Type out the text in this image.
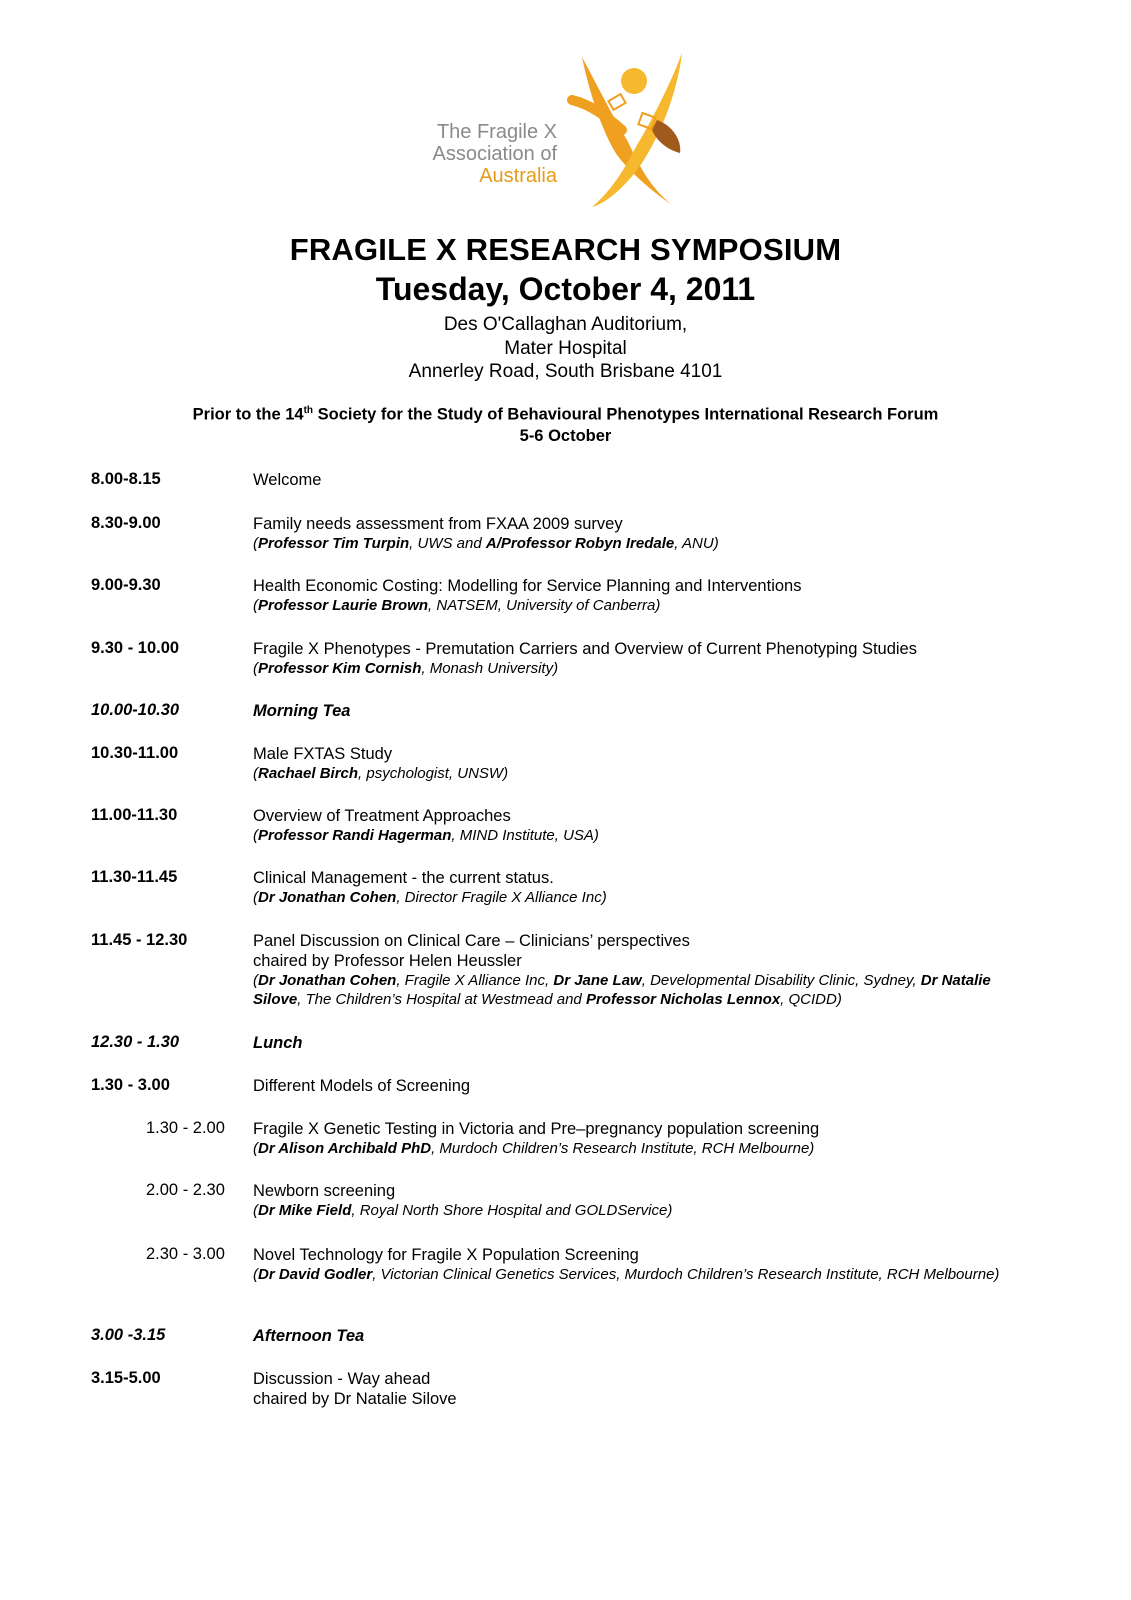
The Fragile X
Association of
Australia
FRAGILE X RESEARCH SYMPOSIUM
Tuesday, October 4, 2011
Des O'Callaghan Auditorium,
Mater Hospital
Annerley Road, South Brisbane 4101
Prior to the 14th Society for the Study of Behavioural Phenotypes International Research Forum
5-6 October
8.00-8.15	Welcome
8.30-9.00	Family needs assessment from FXAA 2009 survey
(Professor Tim Turpin, UWS and A/Professor Robyn Iredale, ANU)
9.00-9.30	Health Economic Costing: Modelling for Service Planning and Interventions
(Professor Laurie Brown, NATSEM, University of Canberra)
9.30 - 10.00	Fragile X Phenotypes - Premutation Carriers and Overview of Current Phenotyping Studies
(Professor Kim Cornish, Monash University)
10.00-10.30	Morning Tea
10.30-11.00	Male FXTAS Study
(Rachael Birch, psychologist, UNSW)
11.00-11.30	Overview of Treatment Approaches
(Professor Randi Hagerman, MIND Institute, USA)
11.30-11.45	Clinical Management - the current status.
(Dr Jonathan Cohen, Director Fragile X Alliance Inc)
11.45 - 12.30	Panel Discussion on Clinical Care – Clinicians’ perspectives
chaired by Professor Helen Heussler
(Dr Jonathan Cohen, Fragile X Alliance Inc, Dr Jane Law, Developmental Disability Clinic, Sydney, Dr Natalie Silove, The Children’s Hospital at Westmead and Professor Nicholas Lennox, QCIDD)
12.30 - 1.30	Lunch
1.30 - 3.00	Different Models of Screening
1.30 - 2.00 Fragile X Genetic Testing in Victoria and Pre–pregnancy population screening
(Dr Alison Archibald PhD, Murdoch Children’s Research Institute, RCH Melbourne)
2.00 - 2.30 Newborn screening
(Dr Mike Field, Royal North Shore Hospital and GOLDService)
2.30 - 3.00 Novel Technology for Fragile X Population Screening
(Dr David Godler, Victorian Clinical Genetics Services, Murdoch Children’s Research Institute, RCH Melbourne)
3.00 -3.15	Afternoon Tea
3.15-5.00	Discussion - Way ahead
chaired by Dr Natalie Silove
